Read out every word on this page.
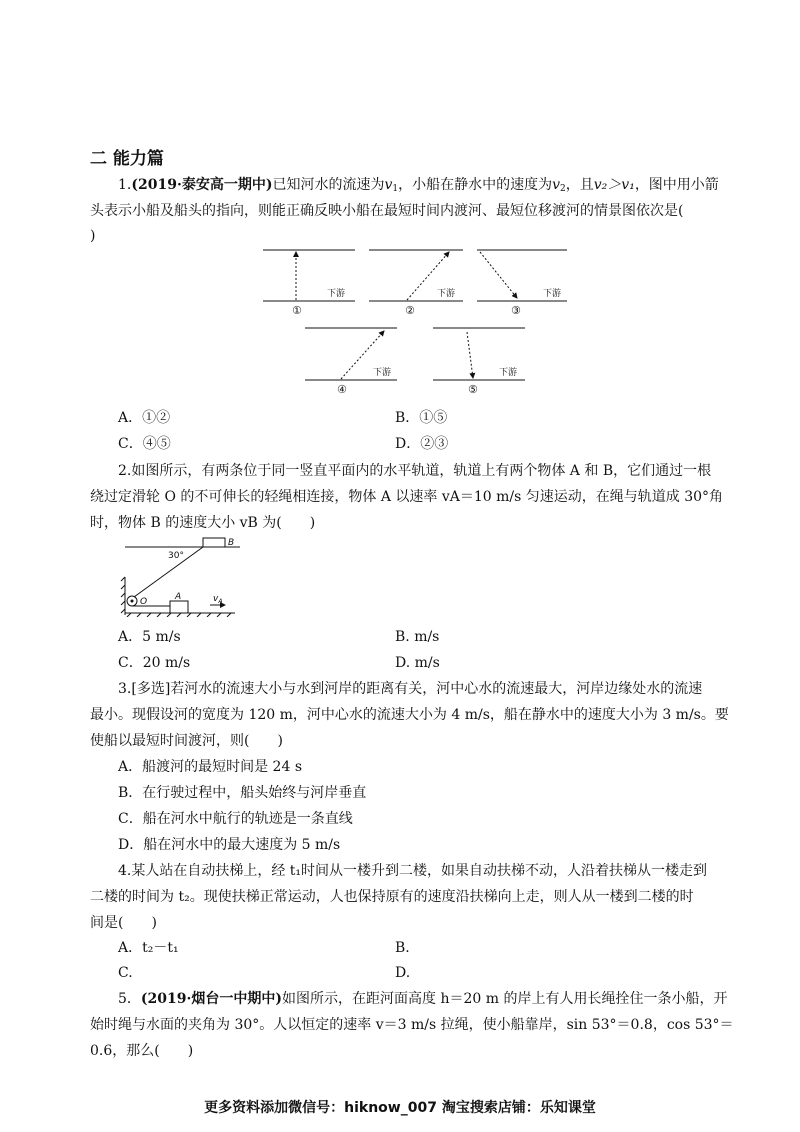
二 能力篇
1.(2019·泰安高一期中)已知河水的流速为$v_1$，小船在静水中的速度为$v_2$，且v₂＞v₁，图中用小箭
头表示小船及船头的指向，则能正确反映小船在最短时间内渡河、最短位移渡河的情景图依次是(
)
下游	下游	下游
下游	下游
①	②	③
④	⑤
A．①②	B．①⑤
C．④⑤	D．②③
2.如图所示，有两条位于同一竖直平面内的水平轨道，轨道上有两个物体 A 和 B，它们通过一根
绕过定滑轮 O 的不可伸长的轻绳相连接，物体 A 以速率 vA＝10 m/s 匀速运动，在绳与轨道成 30°角
时，物体 B 的速度大小 vB 为(　　)
30°
B
O	A	$v_A$
A．5 m/s	B. m/s
C．20 m/s	D. m/s
3.[多选]若河水的流速大小与水到河岸的距离有关，河中心水的流速最大，河岸边缘处水的流速
最小。现假设河的宽度为 120 m，河中心水的流速大小为 4 m/s，船在静水中的速度大小为 3 m/s。要
使船以最短时间渡河，则(　　)
A．船渡河的最短时间是 24 s
B．在行驶过程中，船头始终与河岸垂直
C．船在河水中航行的轨迹是一条直线
D．船在河水中的最大速度为 5 m/s
4.某人站在自动扶梯上，经 t₁时间从一楼升到二楼，如果自动扶梯不动，人沿着扶梯从一楼走到
二楼的时间为 t₂。现使扶梯正常运动，人也保持原有的速度沿扶梯向上走，则人从一楼到二楼的时
间是(　　)
A．t₂－t₁	B.
C.	D.
5．(2019·烟台一中期中)如图所示，在距河面高度 h＝20 m 的岸上有人用长绳拴住一条小船，开
始时绳与水面的夹角为 30°。人以恒定的速率 v＝3 m/s 拉绳，使小船靠岸，sin 53°＝0.8，cos 53°＝
0.6，那么(　　)
更多资料添加微信号：hiknow_007 淘宝搜索店铺：乐知课堂
